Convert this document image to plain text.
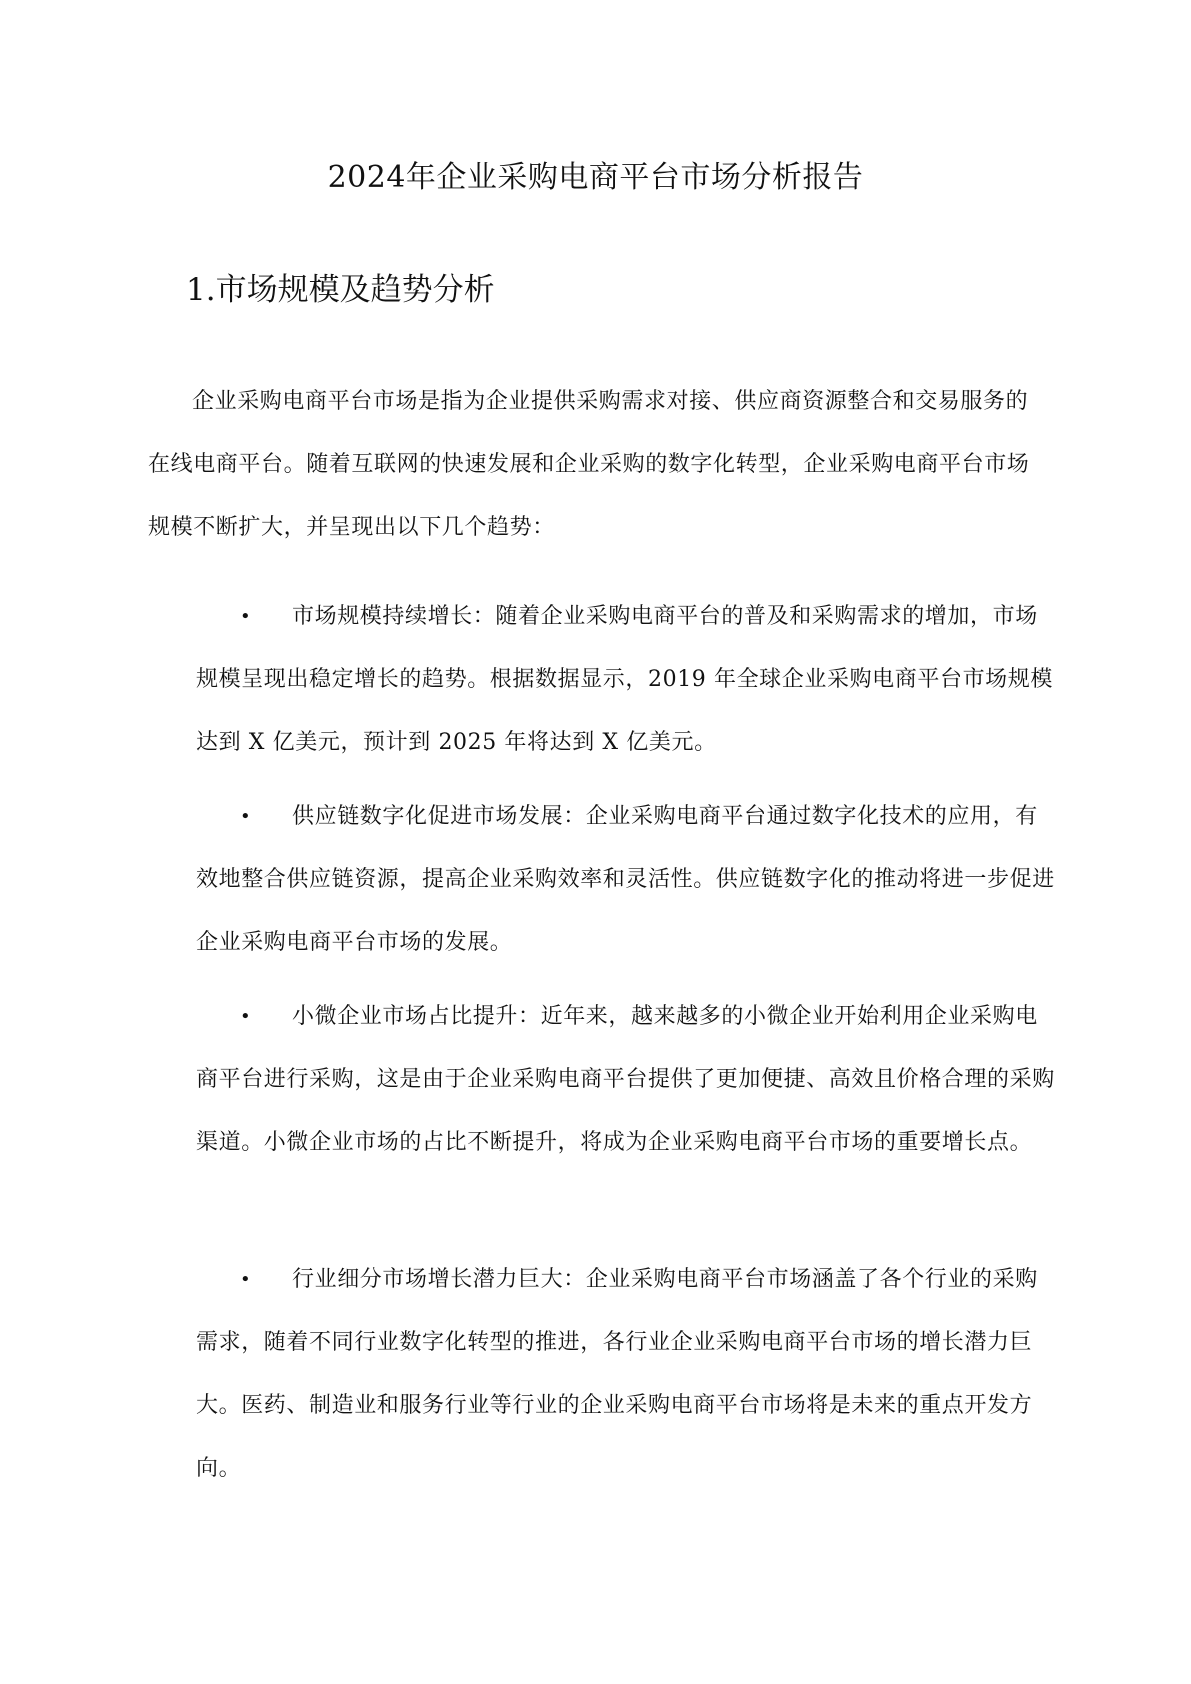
2024年企业采购电商平台市场分析报告
1.市场规模及趋势分析

企业采购电商平台市场是指为企业提供采购需求对接、供应商资源整合和交易服务的在线电商平台。随着互联网的快速发展和企业采购的数字化转型，企业采购电商平台市场规模不断扩大，并呈现出以下几个趋势：

•	市场规模持续增长：随着企业采购电商平台的普及和采购需求的增加，市场规模呈现出稳定增长的趋势。根据数据显示，2019 年全球企业采购电商平台市场规模达到 X 亿美元，预计到 2025 年将达到 X 亿美元。
•	供应链数字化促进市场发展：企业采购电商平台通过数字化技术的应用，有效地整合供应链资源，提高企业采购效率和灵活性。供应链数字化的推动将进一步促进企业采购电商平台市场的发展。
•	小微企业市场占比提升：近年来，越来越多的小微企业开始利用企业采购电商平台进行采购，这是由于企业采购电商平台提供了更加便捷、高效且价格合理的采购渠道。小微企业市场的占比不断提升，将成为企业采购电商平台市场的重要增长点。
•	行业细分市场增长潜力巨大：企业采购电商平台市场涵盖了各个行业的采购需求，随着不同行业数字化转型的推进，各行业企业采购电商平台市场的增长潜力巨大。医药、制造业和服务行业等行业的企业采购电商平台市场将是未来的重点开发方向。
